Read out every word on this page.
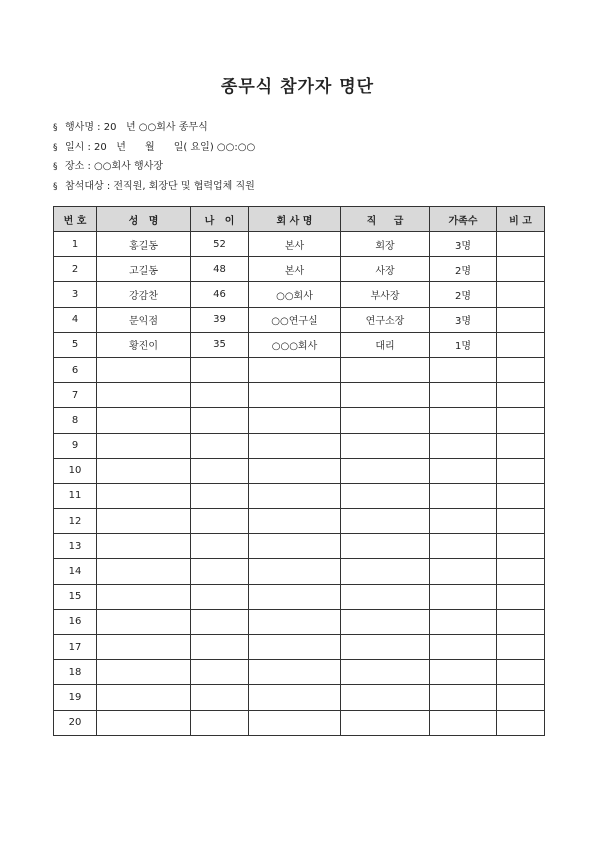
종무식 참가자 명단
§ 행사명 : 20   년 ○○회사 종무식
§ 일시 : 20   년      월      일( 요일) ○○:○○
§ 장소 : ○○회사 행사장
§ 참석대상 : 전직원, 회장단 및 협력업체 직원
번 호	성   명	나   이	회 사 명	직     급	가족수	비 고
1	홍길동	52	본사	회장	3명	
2	고길동	48	본사	사장	2명	
3	강감찬	46	○○회사	부사장	2명	
4	문익점	39	○○연구실	연구소장	3명	
5	황진이	35	○○○회사	대리	1명	
6						
7						
8						
9						
10						
11						
12						
13						
14						
15						
16						
17						
18						
19						
20						
